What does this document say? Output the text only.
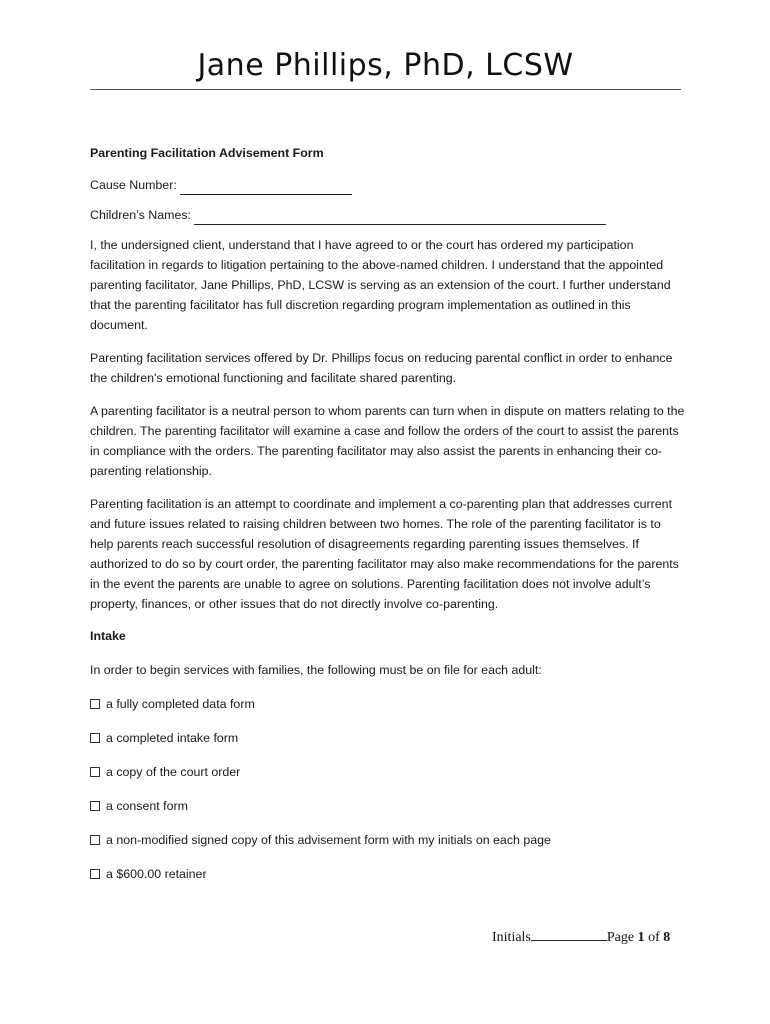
Jane Phillips, PhD, LCSW

Parenting Facilitation Advisement Form

Cause Number:
Children’s Names:

I, the undersigned client, understand that I have agreed to or the court has ordered my participation facilitation in regards to litigation pertaining to the above-named children. I understand that the appointed parenting facilitator, Jane Phillips, PhD, LCSW is serving as an extension of the court. I further understand that the parenting facilitator has full discretion regarding program implementation as outlined in this document.

Parenting facilitation services offered by Dr. Phillips focus on reducing parental conflict in order to enhance the children's emotional functioning and facilitate shared parenting.

A parenting facilitator is a neutral person to whom parents can turn when in dispute on matters relating to the children. The parenting facilitator will examine a case and follow the orders of the court to assist the parents in compliance with the orders. The parenting facilitator may also assist the parents in enhancing their co-parenting relationship.

Parenting facilitation is an attempt to coordinate and implement a co-parenting plan that addresses current and future issues related to raising children between two homes. The role of the parenting facilitator is to help parents reach successful resolution of disagreements regarding parenting issues themselves. If authorized to do so by court order, the parenting facilitator may also make recommendations for the parents in the event the parents are unable to agree on solutions. Parenting facilitation does not involve adult’s property, finances, or other issues that do not directly involve co-parenting.

Intake

In order to begin services with families, the following must be on file for each adult:

a fully completed data form
a completed intake form
a copy of the court order
a consent form
a non-modified signed copy of this advisement form with my initials on each page
a $600.00 retainer
Initials	Page
1
of
8
